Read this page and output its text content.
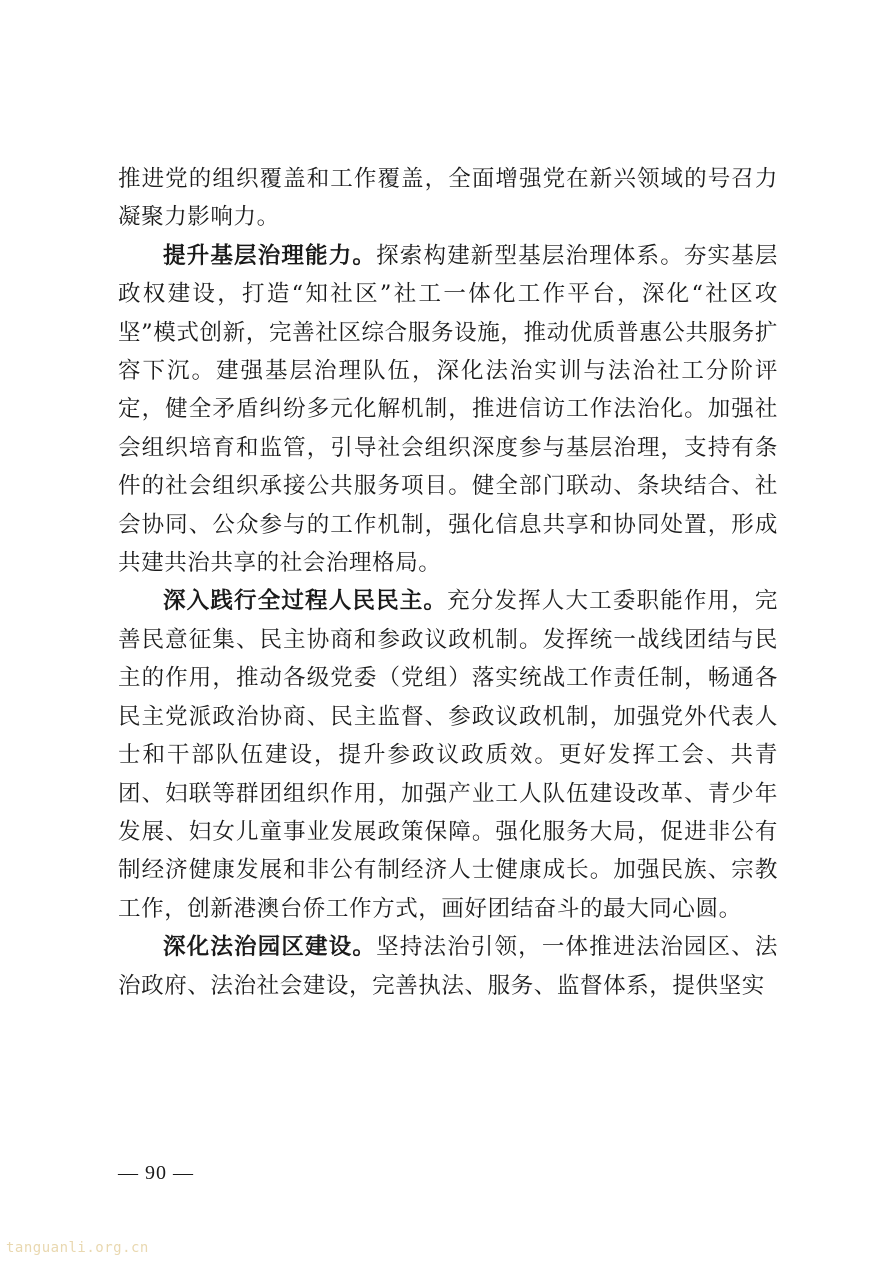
推进党的组织覆盖和工作覆盖，全面增强党在新兴领域的号召力凝聚力影响力。

提升基层治理能力。探索构建新型基层治理体系。夯实基层政权建设，打造“知社区”社工一体化工作平台，深化“社区攻坚”模式创新，完善社区综合服务设施，推动优质普惠公共服务扩容下沉。建强基层治理队伍，深化法治实训与法治社工分阶评定，健全矛盾纠纷多元化解机制，推进信访工作法治化。加强社会组织培育和监管，引导社会组织深度参与基层治理，支持有条件的社会组织承接公共服务项目。健全部门联动、条块结合、社会协同、公众参与的工作机制，强化信息共享和协同处置，形成共建共治共享的社会治理格局。

深入践行全过程人民民主。充分发挥人大工委职能作用，完善民意征集、民主协商和参政议政机制。发挥统一战线团结与民主的作用，推动各级党委（党组）落实统战工作责任制，畅通各民主党派政治协商、民主监督、参政议政机制，加强党外代表人士和干部队伍建设，提升参政议政质效。更好发挥工会、共青团、妇联等群团组织作用，加强产业工人队伍建设改革、青少年发展、妇女儿童事业发展政策保障。强化服务大局，促进非公有制经济健康发展和非公有制经济人士健康成长。加强民族、宗教工作，创新港澳台侨工作方式，画好团结奋斗的最大同心圆。

深化法治园区建设。坚持法治引领，一体推进法治园区、法治政府、法治社会建设，完善执法、服务、监督体系，提供坚实

— 90 —
tanguanli.org.cn
